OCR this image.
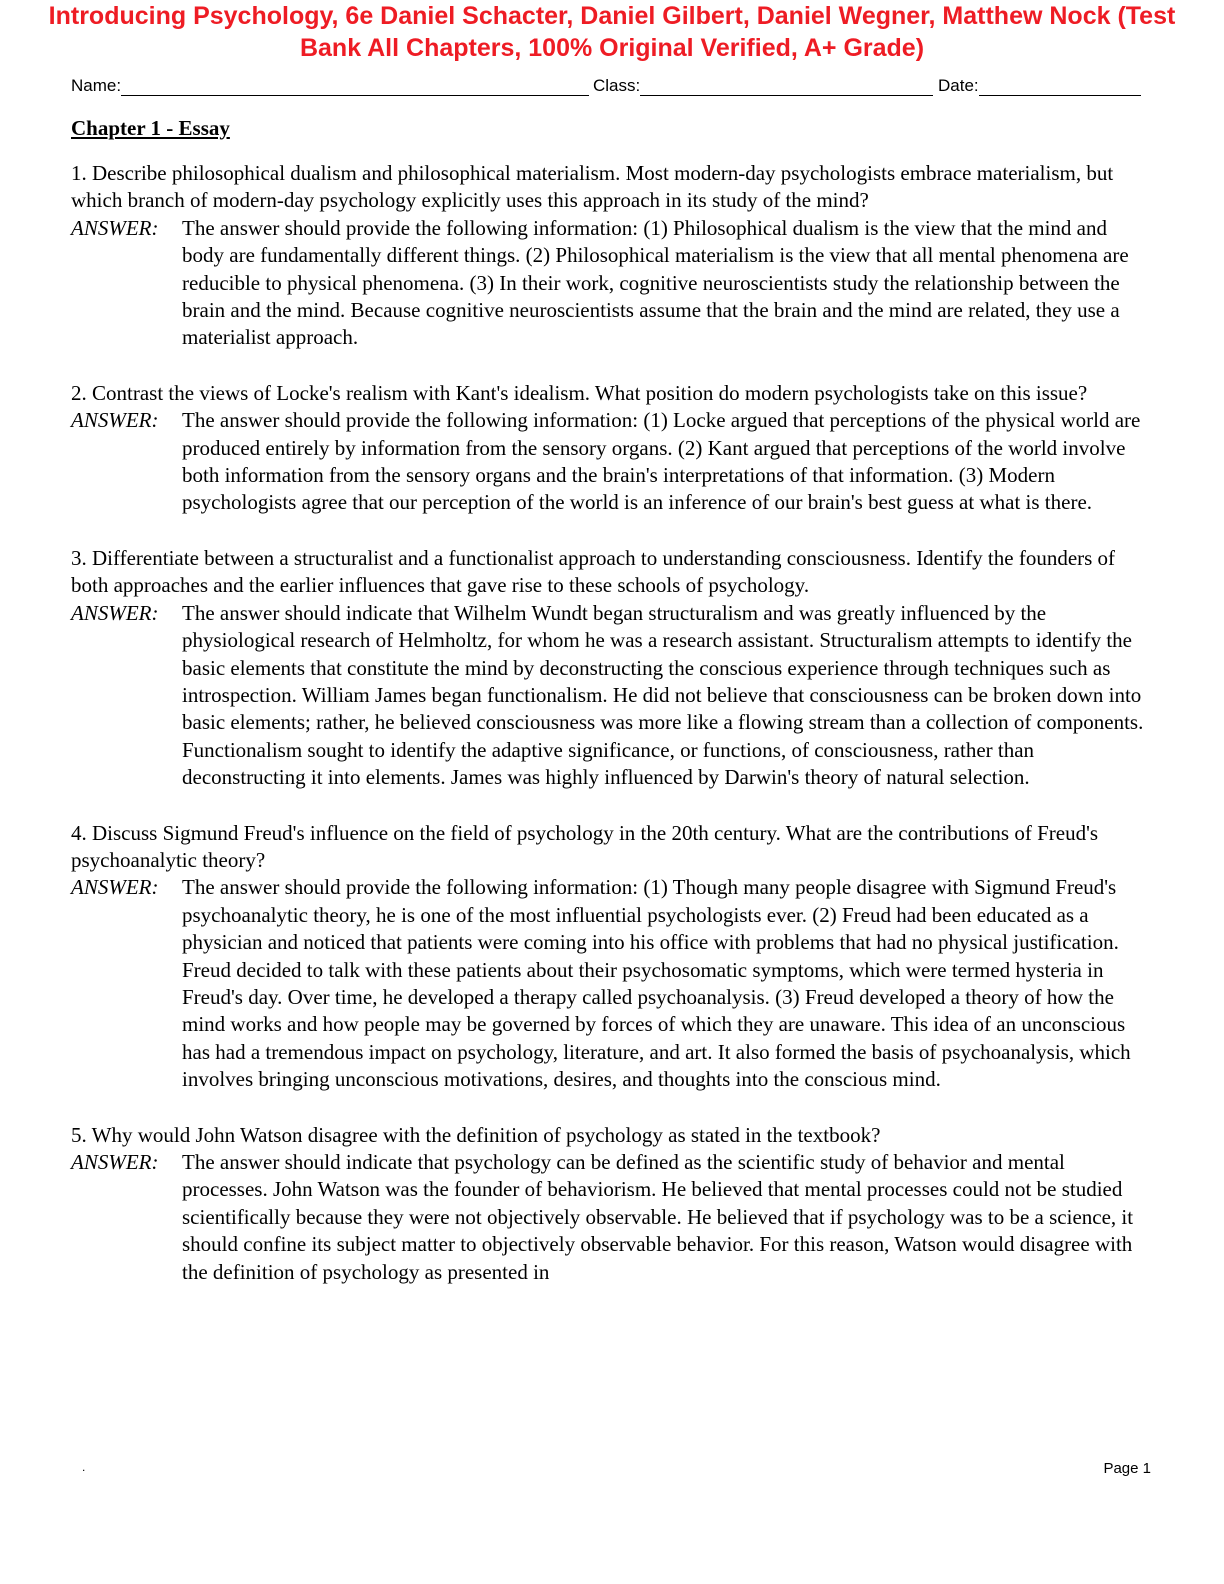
Introducing Psychology, 6e Daniel Schacter, Daniel Gilbert, Daniel Wegner, Matthew Nock (Test Bank All Chapters, 100% Original Verified, A+ Grade)
Name:	Class:	Date:
Chapter 1 - Essay

1. Describe philosophical dualism and philosophical materialism. Most modern-day psychologists embrace materialism, but which branch of modern-day psychology explicitly uses this approach in its study of the mind?

ANSWER:	The answer should provide the following information: (1) Philosophical dualism is the view that the mind and body are fundamentally different things. (2) Philosophical materialism is the view that all mental phenomena are reducible to physical phenomena. (3) In their work, cognitive neuroscientists study the relationship between the brain and the mind. Because cognitive neuroscientists assume that the brain and the mind are related, they use a materialist approach.

2. Contrast the views of Locke's realism with Kant's idealism. What position do modern psychologists take on this issue?

ANSWER:	The answer should provide the following information: (1) Locke argued that perceptions of the physical world are produced entirely by information from the sensory organs. (2) Kant argued that perceptions of the world involve both information from the sensory organs and the brain's interpretations of that information. (3) Modern psychologists agree that our perception of the world is an inference of our brain's best guess at what is there.

3. Differentiate between a structuralist and a functionalist approach to understanding consciousness. Identify the founders of both approaches and the earlier influences that gave rise to these schools of psychology.

ANSWER:	The answer should indicate that Wilhelm Wundt began structuralism and was greatly influenced by the physiological research of Helmholtz, for whom he was a research assistant. Structuralism attempts to identify the basic elements that constitute the mind by deconstructing the conscious experience through techniques such as introspection. William James began functionalism. He did not believe that consciousness can be broken down into basic elements; rather, he believed consciousness was more like a flowing stream than a collection of components. Functionalism sought to identify the adaptive significance, or functions, of consciousness, rather than deconstructing it into elements. James was highly influenced by Darwin's theory of natural selection.

4. Discuss Sigmund Freud's influence on the field of psychology in the 20th century. What are the contributions of Freud's psychoanalytic theory?

ANSWER:	The answer should provide the following information: (1) Though many people disagree with Sigmund Freud's psychoanalytic theory, he is one of the most influential psychologists ever. (2) Freud had been educated as a physician and noticed that patients were coming into his office with problems that had no physical justification. Freud decided to talk with these patients about their psychosomatic symptoms, which were termed hysteria in Freud's day. Over time, he developed a therapy called psychoanalysis. (3) Freud developed a theory of how the mind works and how people may be governed by forces of which they are unaware. This idea of an unconscious has had a tremendous impact on psychology, literature, and art. It also formed the basis of psychoanalysis, which involves bringing unconscious motivations, desires, and thoughts into the conscious mind.

5. Why would John Watson disagree with the definition of psychology as stated in the textbook?

ANSWER:	The answer should indicate that psychology can be defined as the scientific study of behavior and mental processes. John Watson was the founder of behaviorism. He believed that mental processes could not be studied scientifically because they were not objectively observable. He believed that if psychology was to be a science, it should confine its subject matter to objectively observable behavior. For this reason, Watson would disagree with the definition of psychology as presented in
.	Page 1
